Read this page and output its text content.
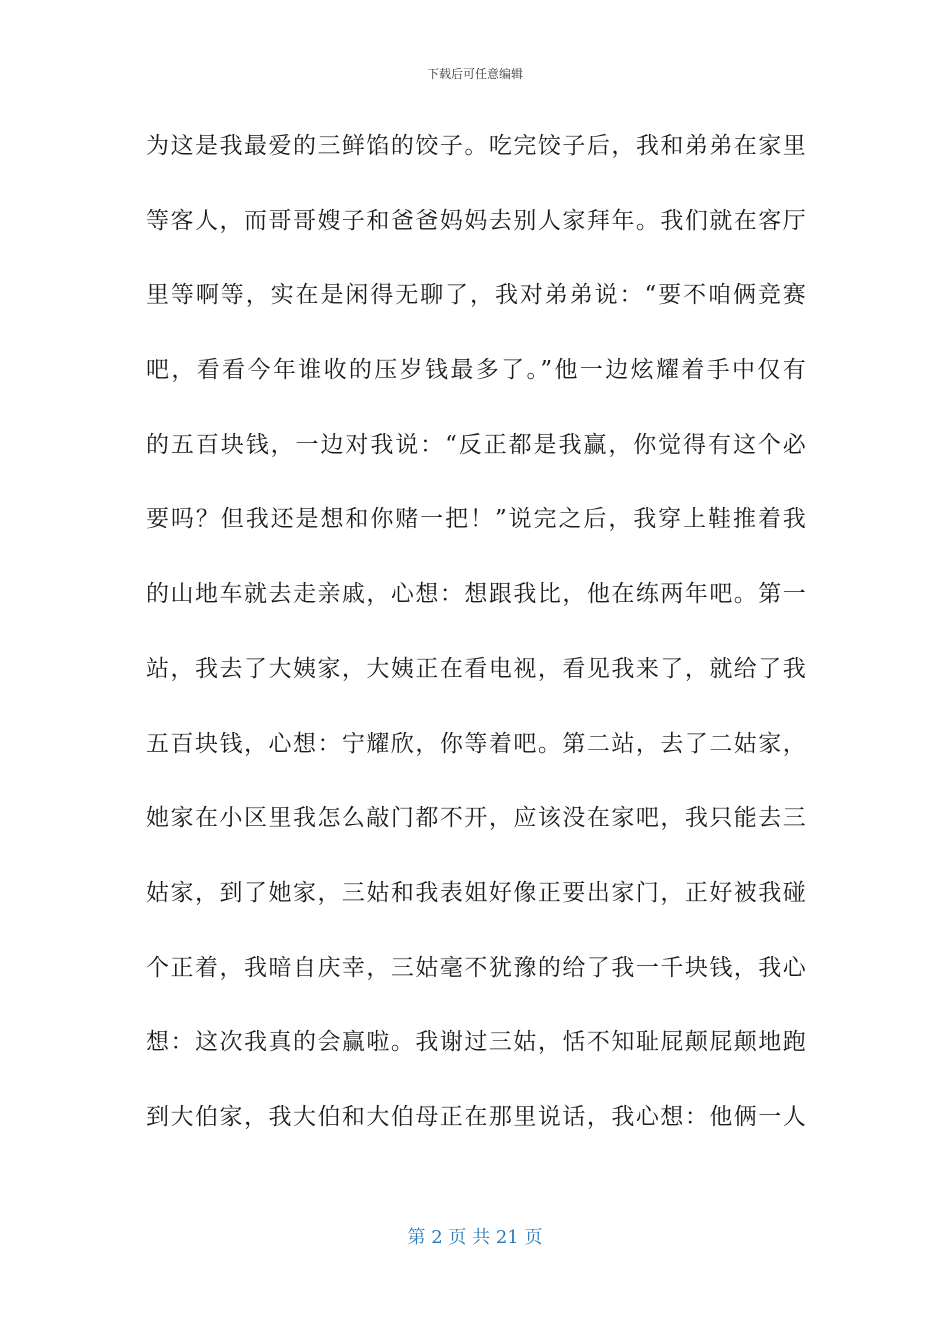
下载后可任意编辑
为这是我最爱的三鲜馅的饺子。吃完饺子后，我和弟弟在家里
等客人，而哥哥嫂子和爸爸妈妈去别人家拜年。我们就在客厅
里等啊等，实在是闲得无聊了，我对弟弟说：“要不咱俩竞赛
吧，看看今年谁收的压岁钱最多了。”他一边炫耀着手中仅有
的五百块钱，一边对我说：“反正都是我赢，你觉得有这个必
要吗？但我还是想和你赌一把！”说完之后，我穿上鞋推着我
的山地车就去走亲戚，心想：想跟我比，他在练两年吧。第一
站，我去了大姨家，大姨正在看电视，看见我来了，就给了我
五百块钱，心想：宁耀欣，你等着吧。第二站，去了二姑家，
她家在小区里我怎么敲门都不开，应该没在家吧，我只能去三
姑家，到了她家，三姑和我表姐好像正要出家门，正好被我碰
个正着，我暗自庆幸，三姑毫不犹豫的给了我一千块钱，我心
想：这次我真的会赢啦。我谢过三姑，恬不知耻屁颠屁颠地跑
到大伯家，我大伯和大伯母正在那里说话，我心想：他俩一人
第 2 页 共 21 页
